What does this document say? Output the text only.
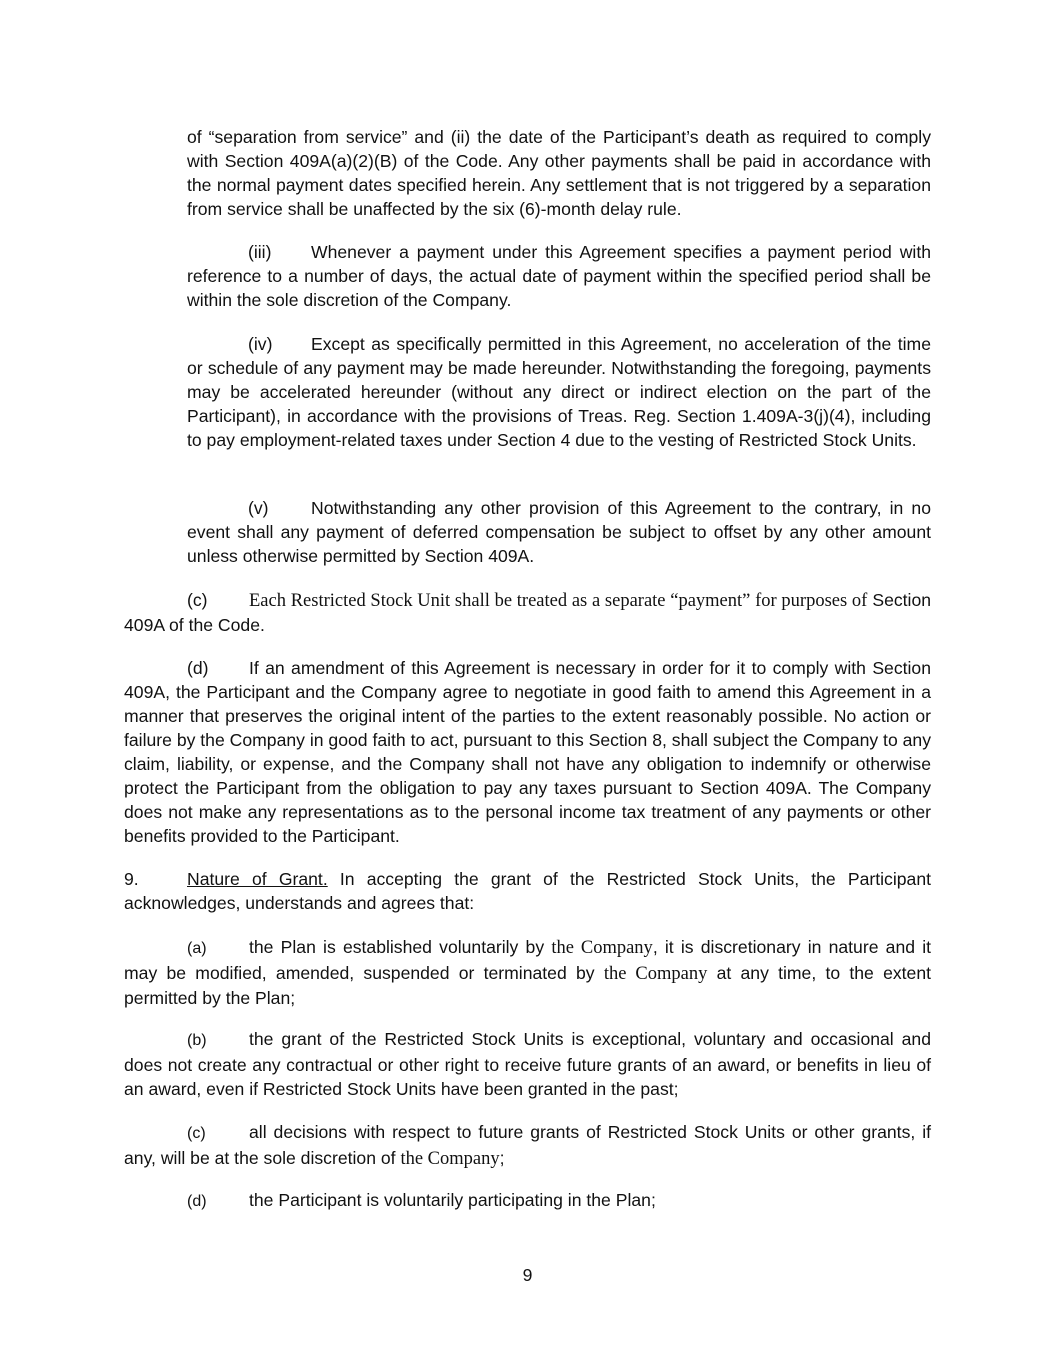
of “separation from service” and (ii) the date of the Participant’s death as required to comply with Section 409A(a)(2)(B) of the Code. Any other payments shall be paid in accordance with the normal payment dates specified herein. Any settlement that is not triggered by a separation from service shall be unaffected by the six (6)-month delay rule.

(iii) Whenever a payment under this Agreement specifies a payment period with reference to a number of days, the actual date of payment within the specified period shall be within the sole discretion of the Company.

(iv) Except as specifically permitted in this Agreement, no acceleration of the time or schedule of any payment may be made hereunder. Notwithstanding the foregoing, payments may be accelerated hereunder (without any direct or indirect election on the part of the Participant), in accordance with the provisions of Treas. Reg. Section 1.409A-3(j)(4), including to pay employment-related taxes under Section 4 due to the vesting of Restricted Stock Units.

(v) Notwithstanding any other provision of this Agreement to the contrary, in no event shall any payment of deferred compensation be subject to offset by any other amount unless otherwise permitted by Section 409A.

(c) Each Restricted Stock Unit shall be treated as a separate “payment” for purposes of Section 409A of the Code.

(d) If an amendment of this Agreement is necessary in order for it to comply with Section 409A, the Participant and the Company agree to negotiate in good faith to amend this Agreement in a manner that preserves the original intent of the parties to the extent reasonably possible. No action or failure by the Company in good faith to act, pursuant to this Section 8, shall subject the Company to any claim, liability, or expense, and the Company shall not have any obligation to indemnify or otherwise protect the Participant from the obligation to pay any taxes pursuant to Section 409A. The Company does not make any representations as to the personal income tax treatment of any payments or other benefits provided to the Participant.

9.	Nature of Grant. In accepting the grant of the Restricted Stock Units, the Participant acknowledges, understands and agrees that:

(a) the Plan is established voluntarily by the Company, it is discretionary in nature and it may be modified, amended, suspended or terminated by the Company at any time, to the extent permitted by the Plan;

(b) the grant of the Restricted Stock Units is exceptional, voluntary and occasional and does not create any contractual or other right to receive future grants of an award, or benefits in lieu of an award, even if Restricted Stock Units have been granted in the past;

(c) all decisions with respect to future grants of Restricted Stock Units or other grants, if any, will be at the sole discretion of the Company;

(d) the Participant is voluntarily participating in the Plan;

9
